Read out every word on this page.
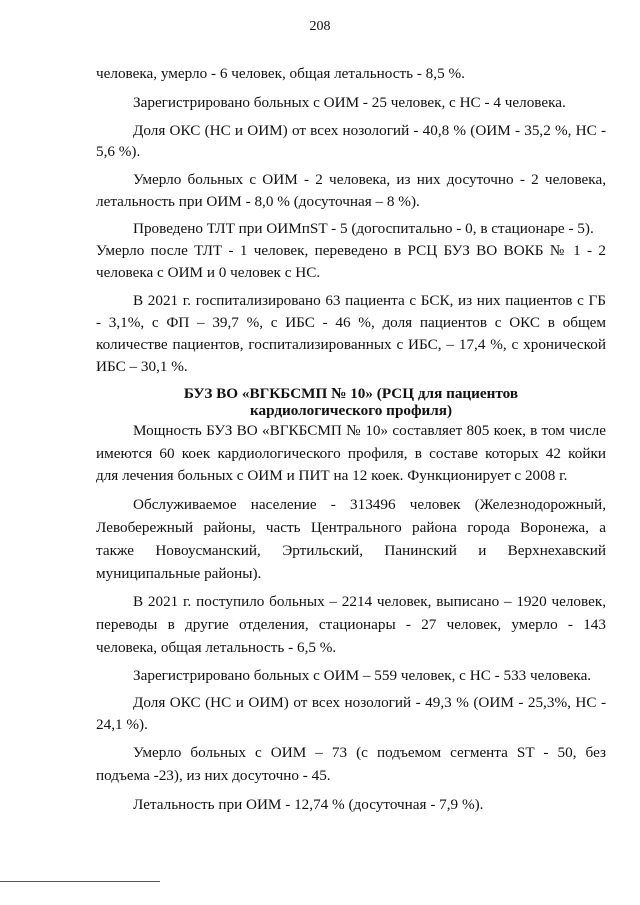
208
человека, умерло - 6 человек, общая летальность - 8,5 %.
Зарегистрировано больных с ОИМ - 25 человек, с НС - 4 человека.
Доля ОКС (НС и ОИМ) от всех нозологий - 40,8 % (ОИМ - 35,2 %, НС -
5,6 %).
Умерло больных с ОИМ - 2 человека, из них досуточно - 2 человека,
летальность при ОИМ - 8,0 % (досуточная – 8 %).
Проведено ТЛТ при ОИМпST - 5 (догоспитально - 0, в стационаре - 5).
Умерло после ТЛТ - 1 человек, переведено в РСЦ БУЗ ВО ВОКБ № 1 - 2
человека с ОИМ и 0 человек с НС.
В 2021 г. госпитализировано 63 пациента с БСК, из них пациентов с ГБ
- 3,1%, с ФП – 39,7 %, с ИБС - 46 %, доля пациентов с ОКС в общем
количестве пациентов, госпитализированных с ИБС, – 17,4 %, с хронической
ИБС – 30,1 %.
БУЗ ВО «ВГКБСМП № 10» (РСЦ для пациентов
кардиологического профиля)
Мощность БУЗ ВО «ВГКБСМП № 10» составляет 805 коек, в том числе
имеются 60 коек кардиологического профиля, в составе которых 42 койки
для лечения больных с ОИМ и ПИТ на 12 коек. Функционирует с 2008 г.
Обслуживаемое население - 313496 человек (Железнодорожный,
Левобережный районы, часть Центрального района города Воронежа, а
также Новоусманский, Эртильский, Панинский и Верхнехавский
муниципальные районы).
В 2021 г. поступило больных – 2214 человек, выписано – 1920 человек,
переводы в другие отделения, стационары - 27 человек, умерло - 143
человека, общая летальность - 6,5 %.
Зарегистрировано больных с ОИМ – 559 человек, с НС - 533 человека.
Доля ОКС (НС и ОИМ) от всех нозологий - 49,3 % (ОИМ - 25,3%, НС -
24,1 %).
Умерло больных с ОИМ – 73 (с подъемом сегмента ST - 50, без
подъема -23), из них досуточно - 45.
Летальность при ОИМ - 12,74 % (досуточная - 7,9 %).
